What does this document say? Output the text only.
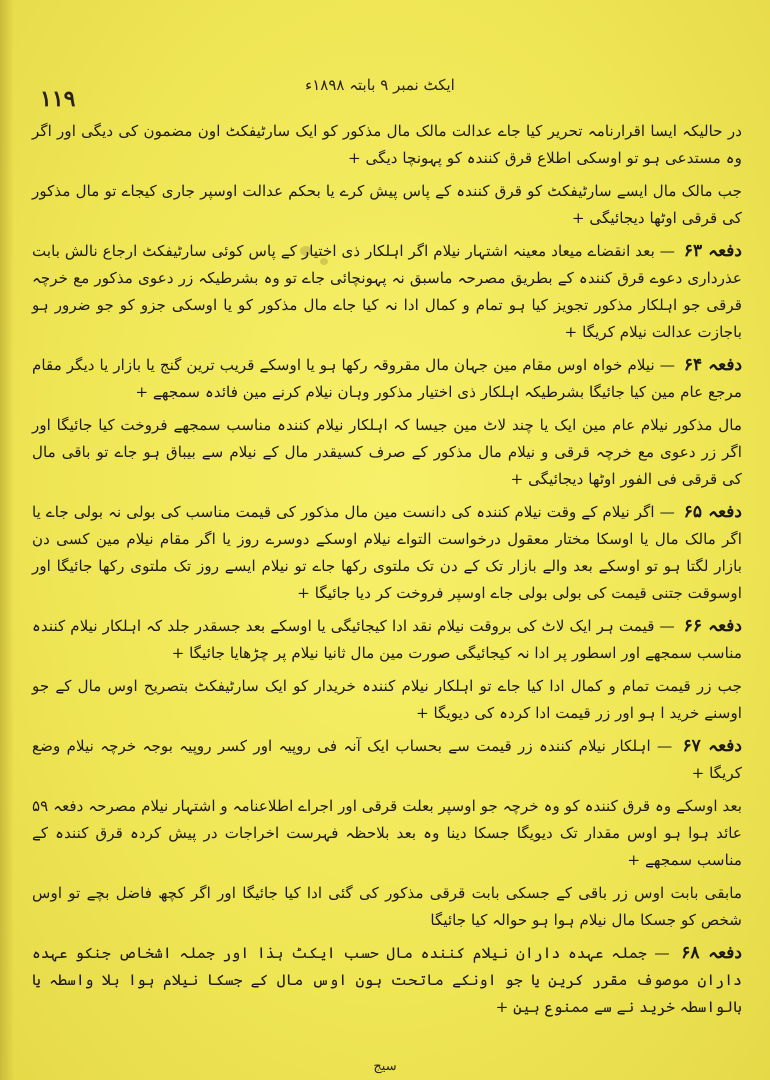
۱۱۹
ایکٹ نمبر ۹ بابتہ ۱۸۹۸ء

در حالیکہ ایسا اقرارنامہ تحریر کیا جاے عدالت مالک مال مذکور کو ایک سارٹیفکٹ اون مضمون کی دیگی اور اگر وہ مستدعی ہو تو اوسکی اطلاع قرق کنندہ کو پہونچا دیگی +

جب مالک مال ایسے سارٹیفکٹ کو قرق کنندہ کے پاس پیش کرے یا بحکم عدالت اوسپر جاری کیجاے تو مال مذکور کی قرقی اوٹھا دیجائیگی +

دفعہ ۶۳ — بعد انقضاے میعاد معینہ اشتہار نیلام اگر اہلکار ذی اختیار کے پاس کوئی سارٹیفکٹ ارجاع نالش بابت عذرداری دعوے قرق کنندہ کے بطریق مصرحہ ماسبق نہ پہونچائی جاے تو وہ بشرطیکہ زر دعوی مذکور مع خرچہ قرقی جو اہلکار مذکور تجویز کیا ہو تمام و کمال ادا نہ کیا جاے مال مذکور کو یا اوسکی جزو کو جو ضرور ہو باجازت عدالت نیلام کریگا +

دفعہ ۶۴ — نیلام خواہ اوس مقام مین جہان مال مقروقہ رکھا ہو یا اوسکے قریب ترین گنج یا بازار یا دیگر مقام مرجع عام مین کیا جائیگا بشرطیکہ اہلکار ذی اختیار مذکور وہان نیلام کرنے مین فائدہ سمجھے +

مال مذکور نیلام عام مین ایک یا چند لاٹ مین جیسا کہ اہلکار نیلام کنندہ مناسب سمجھے فروخت کیا جائیگا اور اگر زر دعوی مع خرچہ قرقی و نیلام مال مذکور کے صرف کسیقدر مال کے نیلام سے بیباق ہو جاے تو باقی مال کی قرقی فی الفور اوٹھا دیجائیگی +

دفعہ ۶۵ — اگر نیلام کے وقت نیلام کنندہ کی دانست مین مال مذکور کی قیمت مناسب کی بولی نہ بولی جاے یا اگر مالک مال یا اوسکا مختار معقول درخواست التواے نیلام اوسکے دوسرے روز یا اگر مقام نیلام مین کسی دن بازار لگتا ہو تو اوسکے بعد والے بازار تک کے دن تک ملتوی رکھا جاے تو نیلام ایسے روز تک ملتوی رکھا جائیگا اور اوسوقت جتنی قیمت کی بولی بولی جاے اوسپر فروخت کر دیا جائیگا +

دفعہ ۶۶ — قیمت ہر ایک لاٹ کی بروقت نیلام نقد ادا کیجائیگی یا اوسکے بعد جسقدر جلد کہ اہلکار نیلام کنندہ مناسب سمجھے اور اسطور پر ادا نہ کیجائیگی صورت مین مال ثانیا نیلام پر چڑھایا جائیگا +

جب زر قیمت تمام و کمال ادا کیا جاے تو اہلکار نیلام کنندہ خریدار کو ایک سارٹیفکٹ بتصریح اوس مال کے جو اوسنے خرید ا ہو اور زر قیمت ادا کردہ کی دیویگا +

دفعہ ۶۷ — اہلکار نیلام کنندہ زر قیمت سے بحساب ایک آنہ فی روپیہ اور کسر روپیہ بوجہ خرچہ نیلام وضع کریگا +

بعد اوسکے وہ قرق کنندہ کو وہ خرچہ جو اوسپر بعلت قرقی اور اجراے اطلاعنامہ و اشتہار نیلام مصرحہ دفعہ ۵۹ عائد ہوا ہو اوس مقدار تک دیویگا جسکا دینا وہ بعد بلاحظہ فہرست اخراجات در پیش کردہ قرق کنندہ کے مناسب سمجھے +

مابقی بابت اوس زر باقی کے جسکی بابت قرقی مذکور کی گئی ادا کیا جائیگا اور اگر کچھ فاضل بچے تو اوس شخص کو جسکا مال نیلام ہوا ہو حوالہ کیا جائیگا

دفعہ ۶۸ — جملہ عہدہ داران نیلام کنندہ مال حسب ایکٹ ہذا اور جملہ اشخاص جنکو عہدہ داران موصوف مقرر کرین یا جو اونکے ماتحت ہون اوس مال کے جسکا نیلام ہوا بلا واسطہ یا بالواسطہ خرید نے سے ممنوع ہین +

سیج
